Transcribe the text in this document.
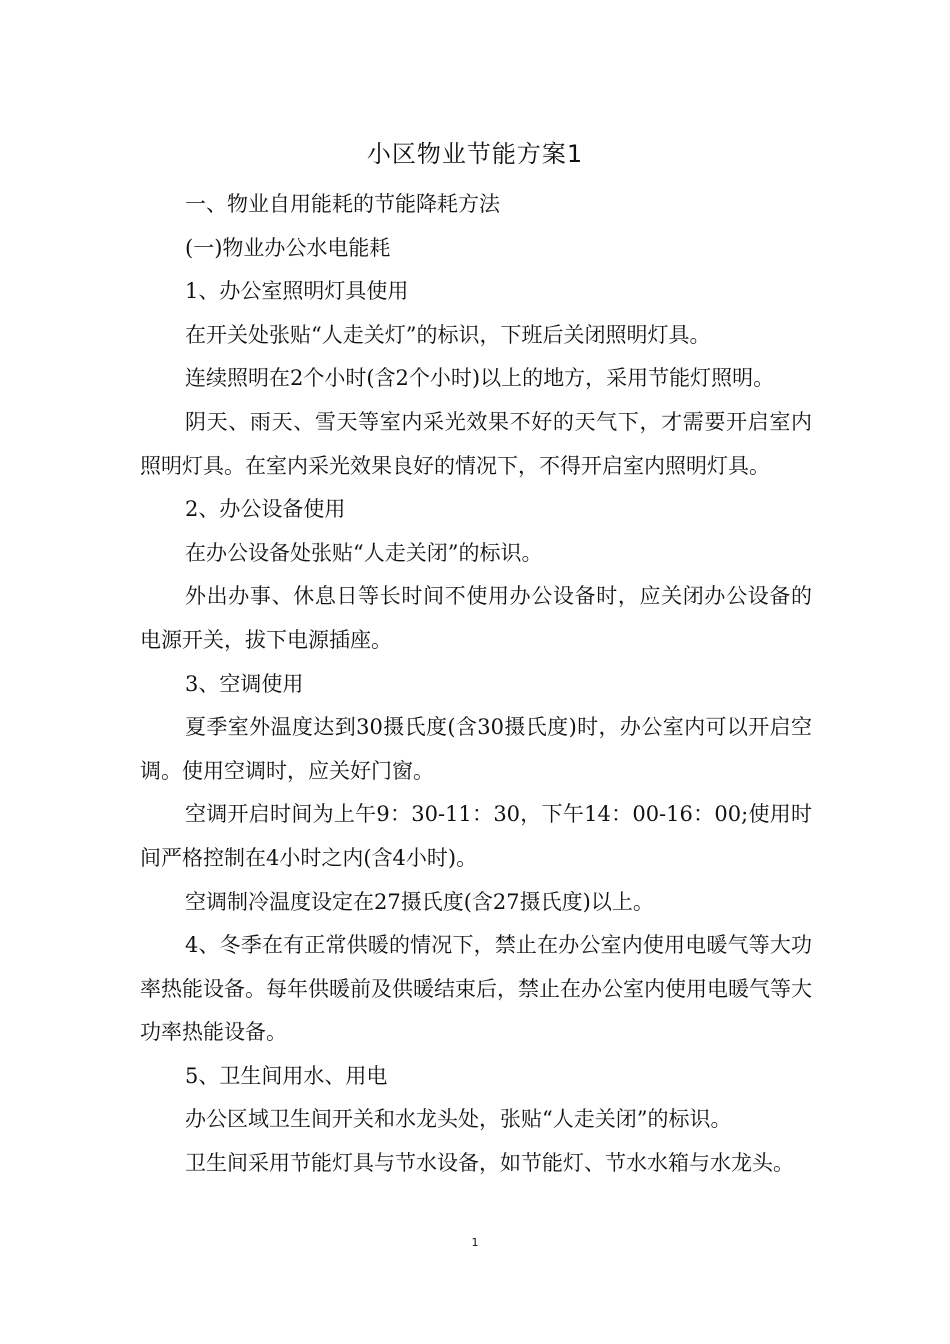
小区物业节能方案1

一、物业自用能耗的节能降耗方法

(一)物业办公水电能耗

1、办公室照明灯具使用

在开关处张贴“人走关灯”的标识，下班后关闭照明灯具。

连续照明在2个小时(含2个小时)以上的地方，采用节能灯照明。

阴天、雨天、雪天等室内采光效果不好的天气下，才需要开启室内照明灯具。在室内采光效果良好的情况下，不得开启室内照明灯具。

2、办公设备使用

在办公设备处张贴“人走关闭”的标识。

外出办事、休息日等长时间不使用办公设备时，应关闭办公设备的电源开关，拔下电源插座。

3、空调使用

夏季室外温度达到30摄氏度(含30摄氏度)时，办公室内可以开启空调。使用空调时，应关好门窗。

空调开启时间为上午9：30-11：30，下午14：00-16：00;使用时间严格控制在4小时之内(含4小时)。

空调制冷温度设定在27摄氏度(含27摄氏度)以上。

4、冬季在有正常供暖的情况下，禁止在办公室内使用电暖气等大功率热能设备。每年供暖前及供暖结束后，禁止在办公室内使用电暖气等大功率热能设备。

5、卫生间用水、用电

办公区域卫生间开关和水龙头处，张贴“人走关闭”的标识。

卫生间采用节能灯具与节水设备，如节能灯、节水水箱与水龙头。

1
